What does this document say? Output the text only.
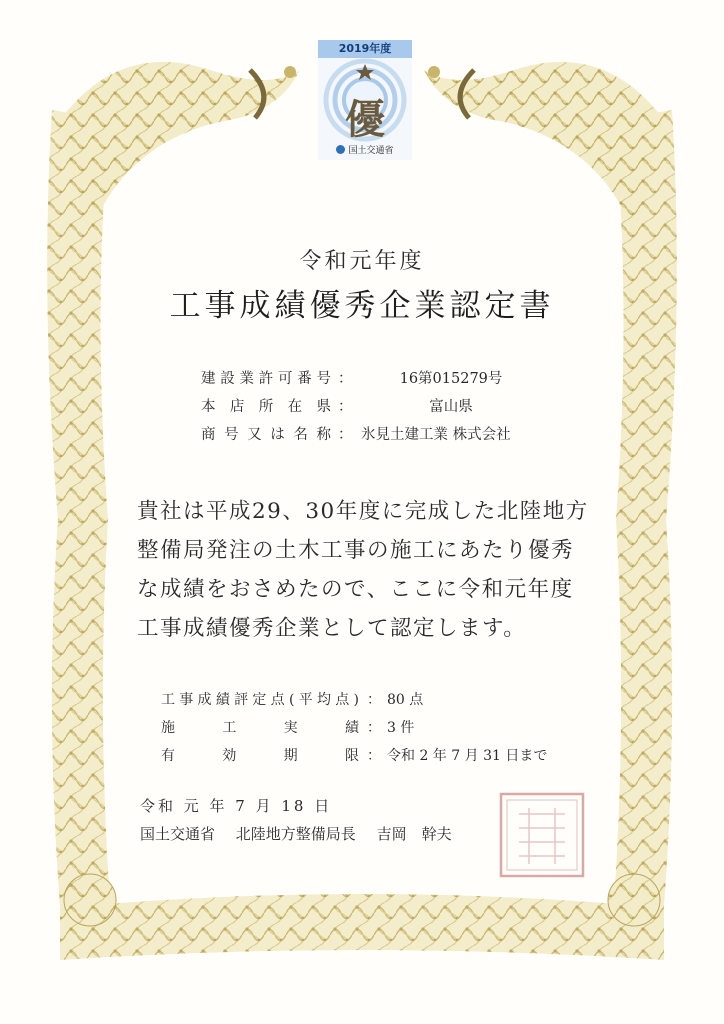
2019年度
優
国土交通省
令和元年度
工事成績優秀企業認定書
建設業許可番号 ：	16第015279号
本店所在県 ：	富山県
商号又は名称 ： 氷見土建工業 株式会社

貴社は平成29、30年度に完成した北陸地方

整備局発注の土木工事の施工にあたり優秀

な成績をおさめたので、ここに令和元年度

工事成績優秀企業として認定します。

工事成績評定点(平均点) ： 80 点
施工実績 ： 3 件
有効期限 ： 令和 2 年 7 月 31 日まで
令和 元 年 7 月 18 日
国土交通省 北陸地方整備局長 吉岡　幹夫
